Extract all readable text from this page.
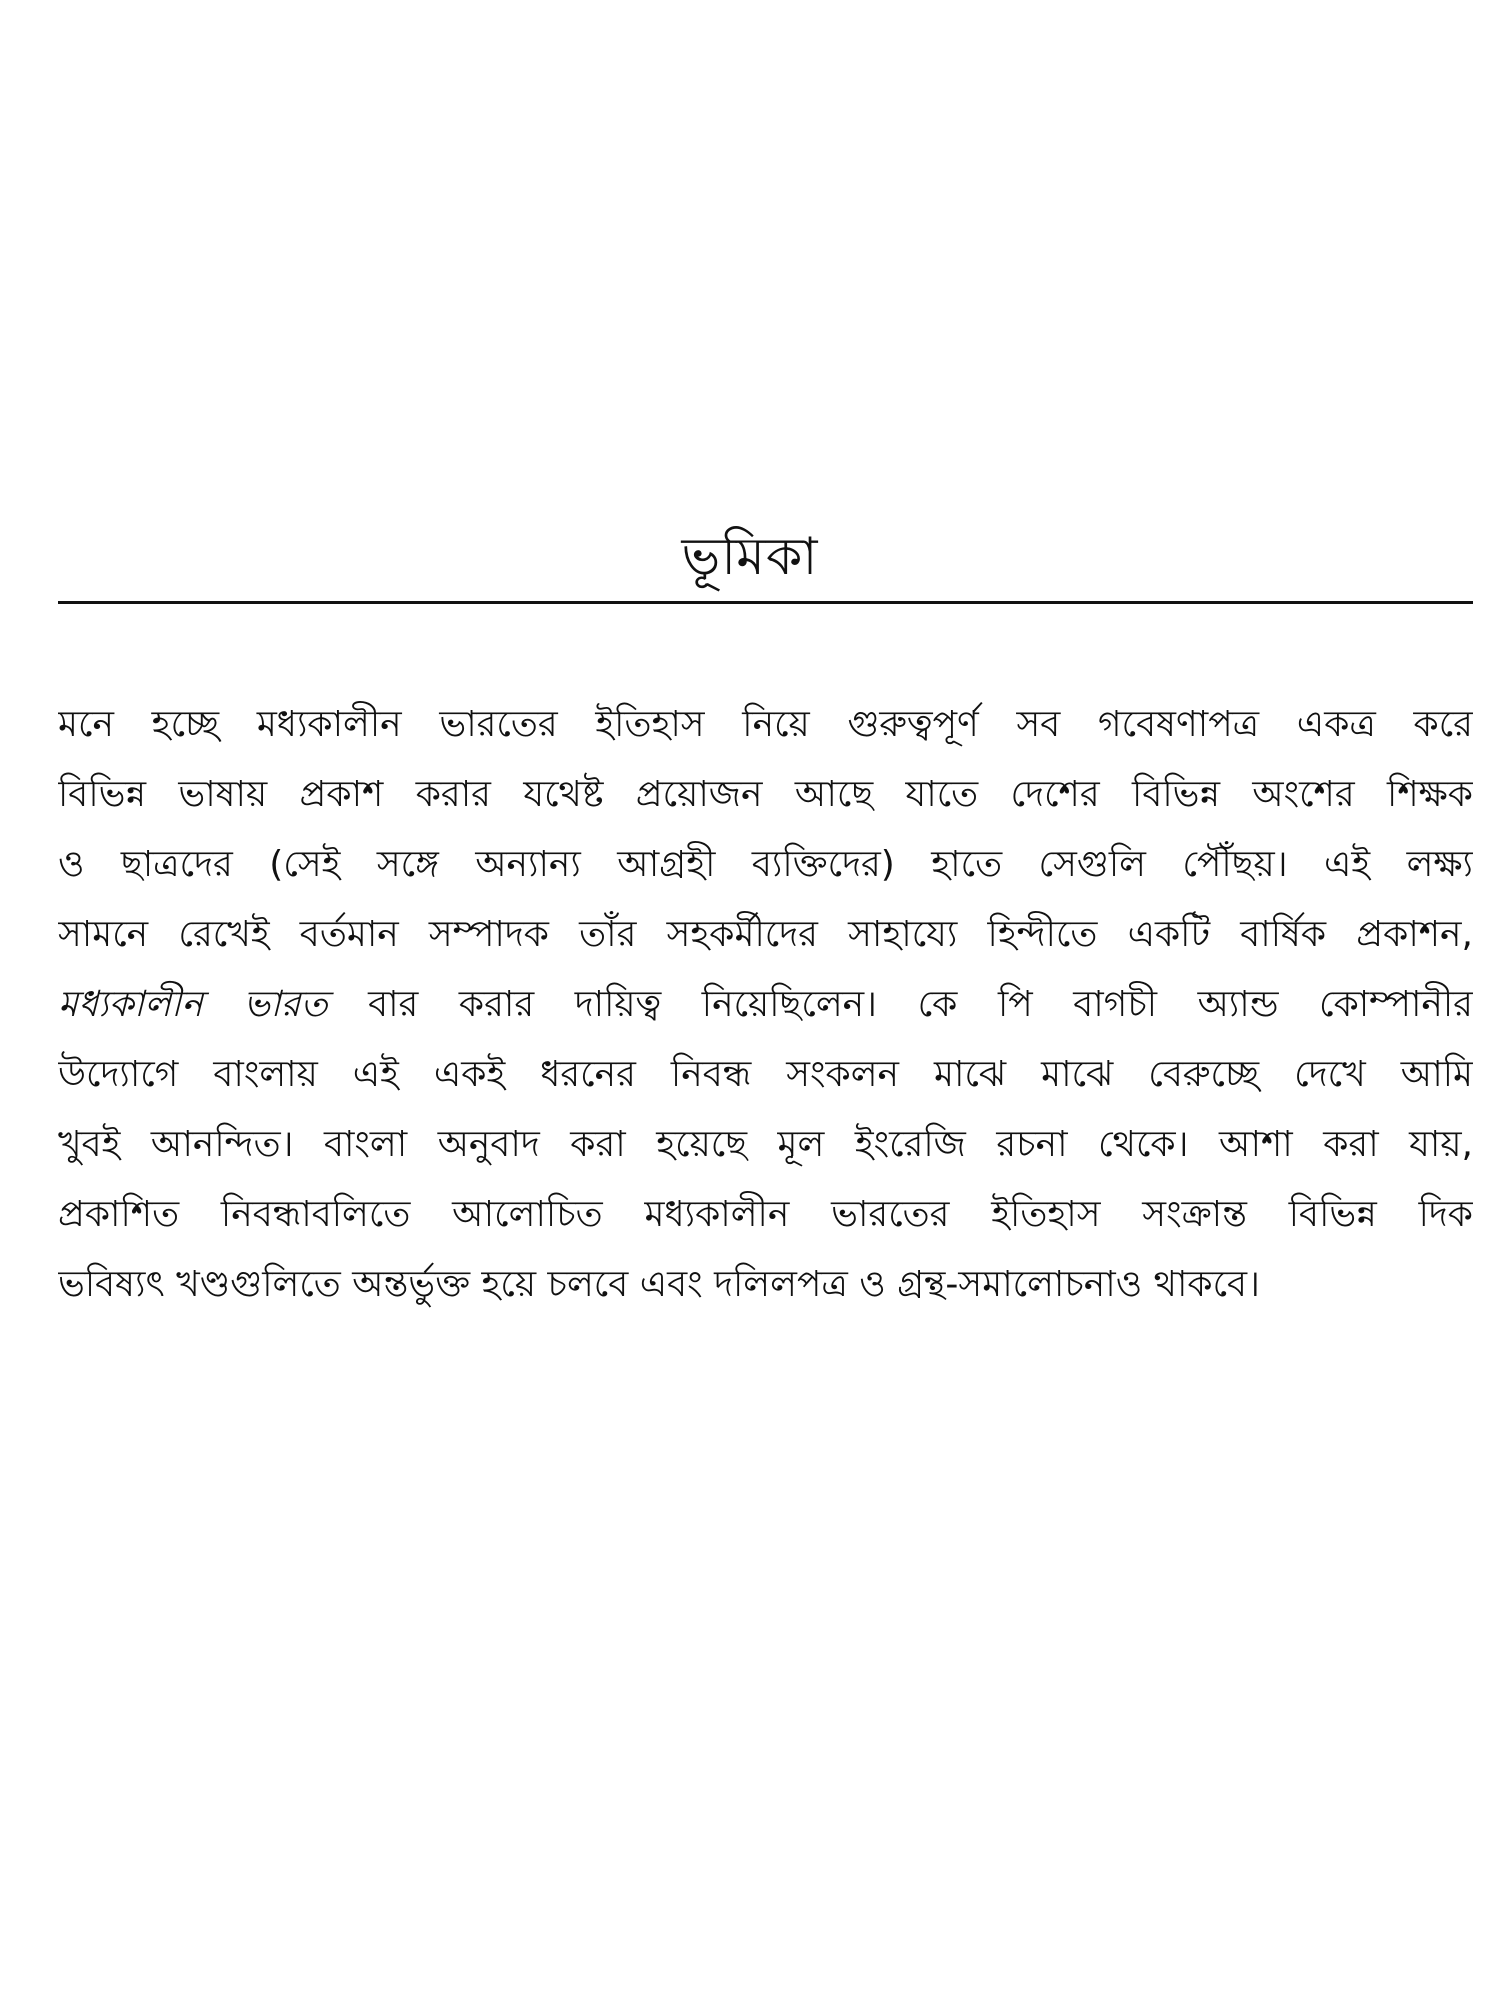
ভূমিকা
মনে হচ্ছে মধ্যকালীন ভারতের ইতিহাস নিয়ে গুরুত্বপূর্ণ সব গবেষণাপত্র একত্র করে
বিভিন্ন ভাষায় প্রকাশ করার যথেষ্ট প্রয়োজন আছে যাতে দেশের বিভিন্ন অংশের শিক্ষক
ও ছাত্রদের (সেই সঙ্গে অন্যান্য আগ্রহী ব্যক্তিদের) হাতে সেগুলি পৌঁছয়। এই লক্ষ্য
সামনে রেখেই বর্তমান সম্পাদক তাঁর সহকর্মীদের সাহায্যে হিন্দীতে একটি বার্ষিক প্রকাশন,
মধ্যকালীন ভারত বার করার দায়িত্ব নিয়েছিলেন। কে পি বাগচী অ্যান্ড কোম্পানীর
উদ্যোগে বাংলায় এই একই ধরনের নিবন্ধ সংকলন মাঝে মাঝে বেরুচ্ছে দেখে আমি
খুবই আনন্দিত। বাংলা অনুবাদ করা হয়েছে মূল ইংরেজি রচনা থেকে। আশা করা যায়,
প্রকাশিত নিবন্ধাবলিতে আলোচিত মধ্যকালীন ভারতের ইতিহাস সংক্রান্ত বিভিন্ন দিক
ভবিষ্যৎ খণ্ডগুলিতে অন্তর্ভুক্ত হয়ে চলবে এবং দলিলপত্র ও গ্রন্থ-সমালোচনাও থাকবে।
